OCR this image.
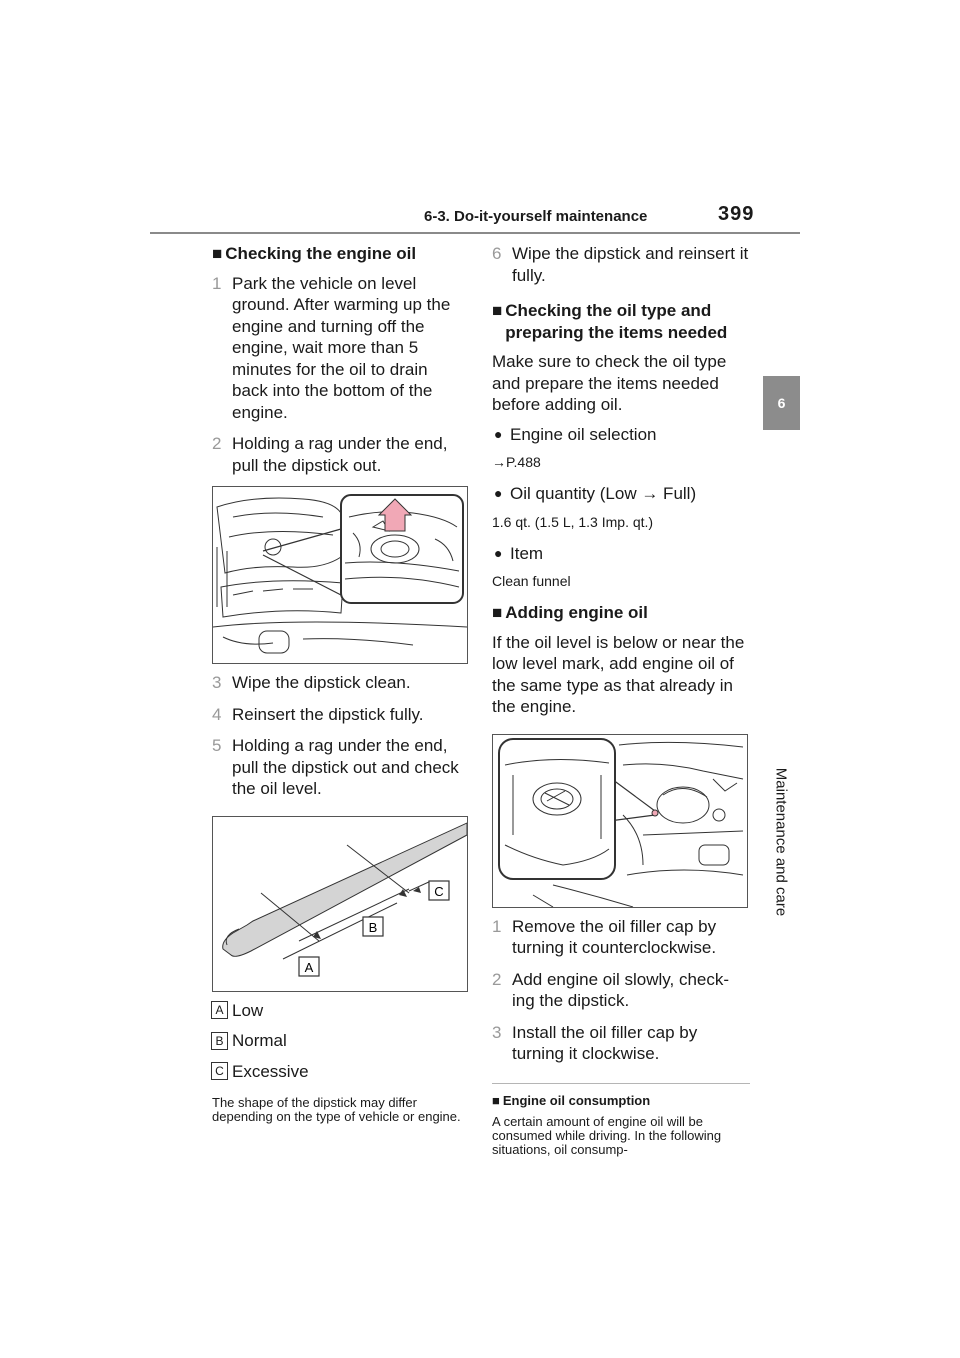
6-3. Do-it-yourself maintenance	399
6
Maintenance and care
■ Checking the engine oil
1 Park the vehicle on level ground. After warming up the engine and turning off the engine, wait more than 5 minutes for the oil to drain back into the bottom of the engine.
2 Holding a rag under the end, pull the dipstick out.
3 Wipe the dipstick clean.
4 Reinsert the dipstick fully.
5 Holding a rag under the end, pull the dipstick out and check the oil level.
C
B
A
A Low
B Normal
C Excessive

The shape of the dipstick may differ depending on the type of vehicle or engine.

6 Wipe the dipstick and reinsert it fully.
■ Checking the oil type and preparing the items needed

Make sure to check the oil type and prepare the items needed before adding oil.

● Engine oil selection

→P.488

● Oil quantity (Low → Full)

1.6 qt. (1.5 L, 1.3 Imp. qt.)

● Item

Clean funnel

■ Adding engine oil

If the oil level is below or near the low level mark, add engine oil of the same type as that already in the engine.

1 Remove the oil filler cap by turning it counterclockwise.
2 Add engine oil slowly, check-ing the dipstick.
3 Install the oil filler cap by turning it clockwise.
■ Engine oil consumption

A certain amount of engine oil will be consumed while driving. In the following situations, oil consump-
